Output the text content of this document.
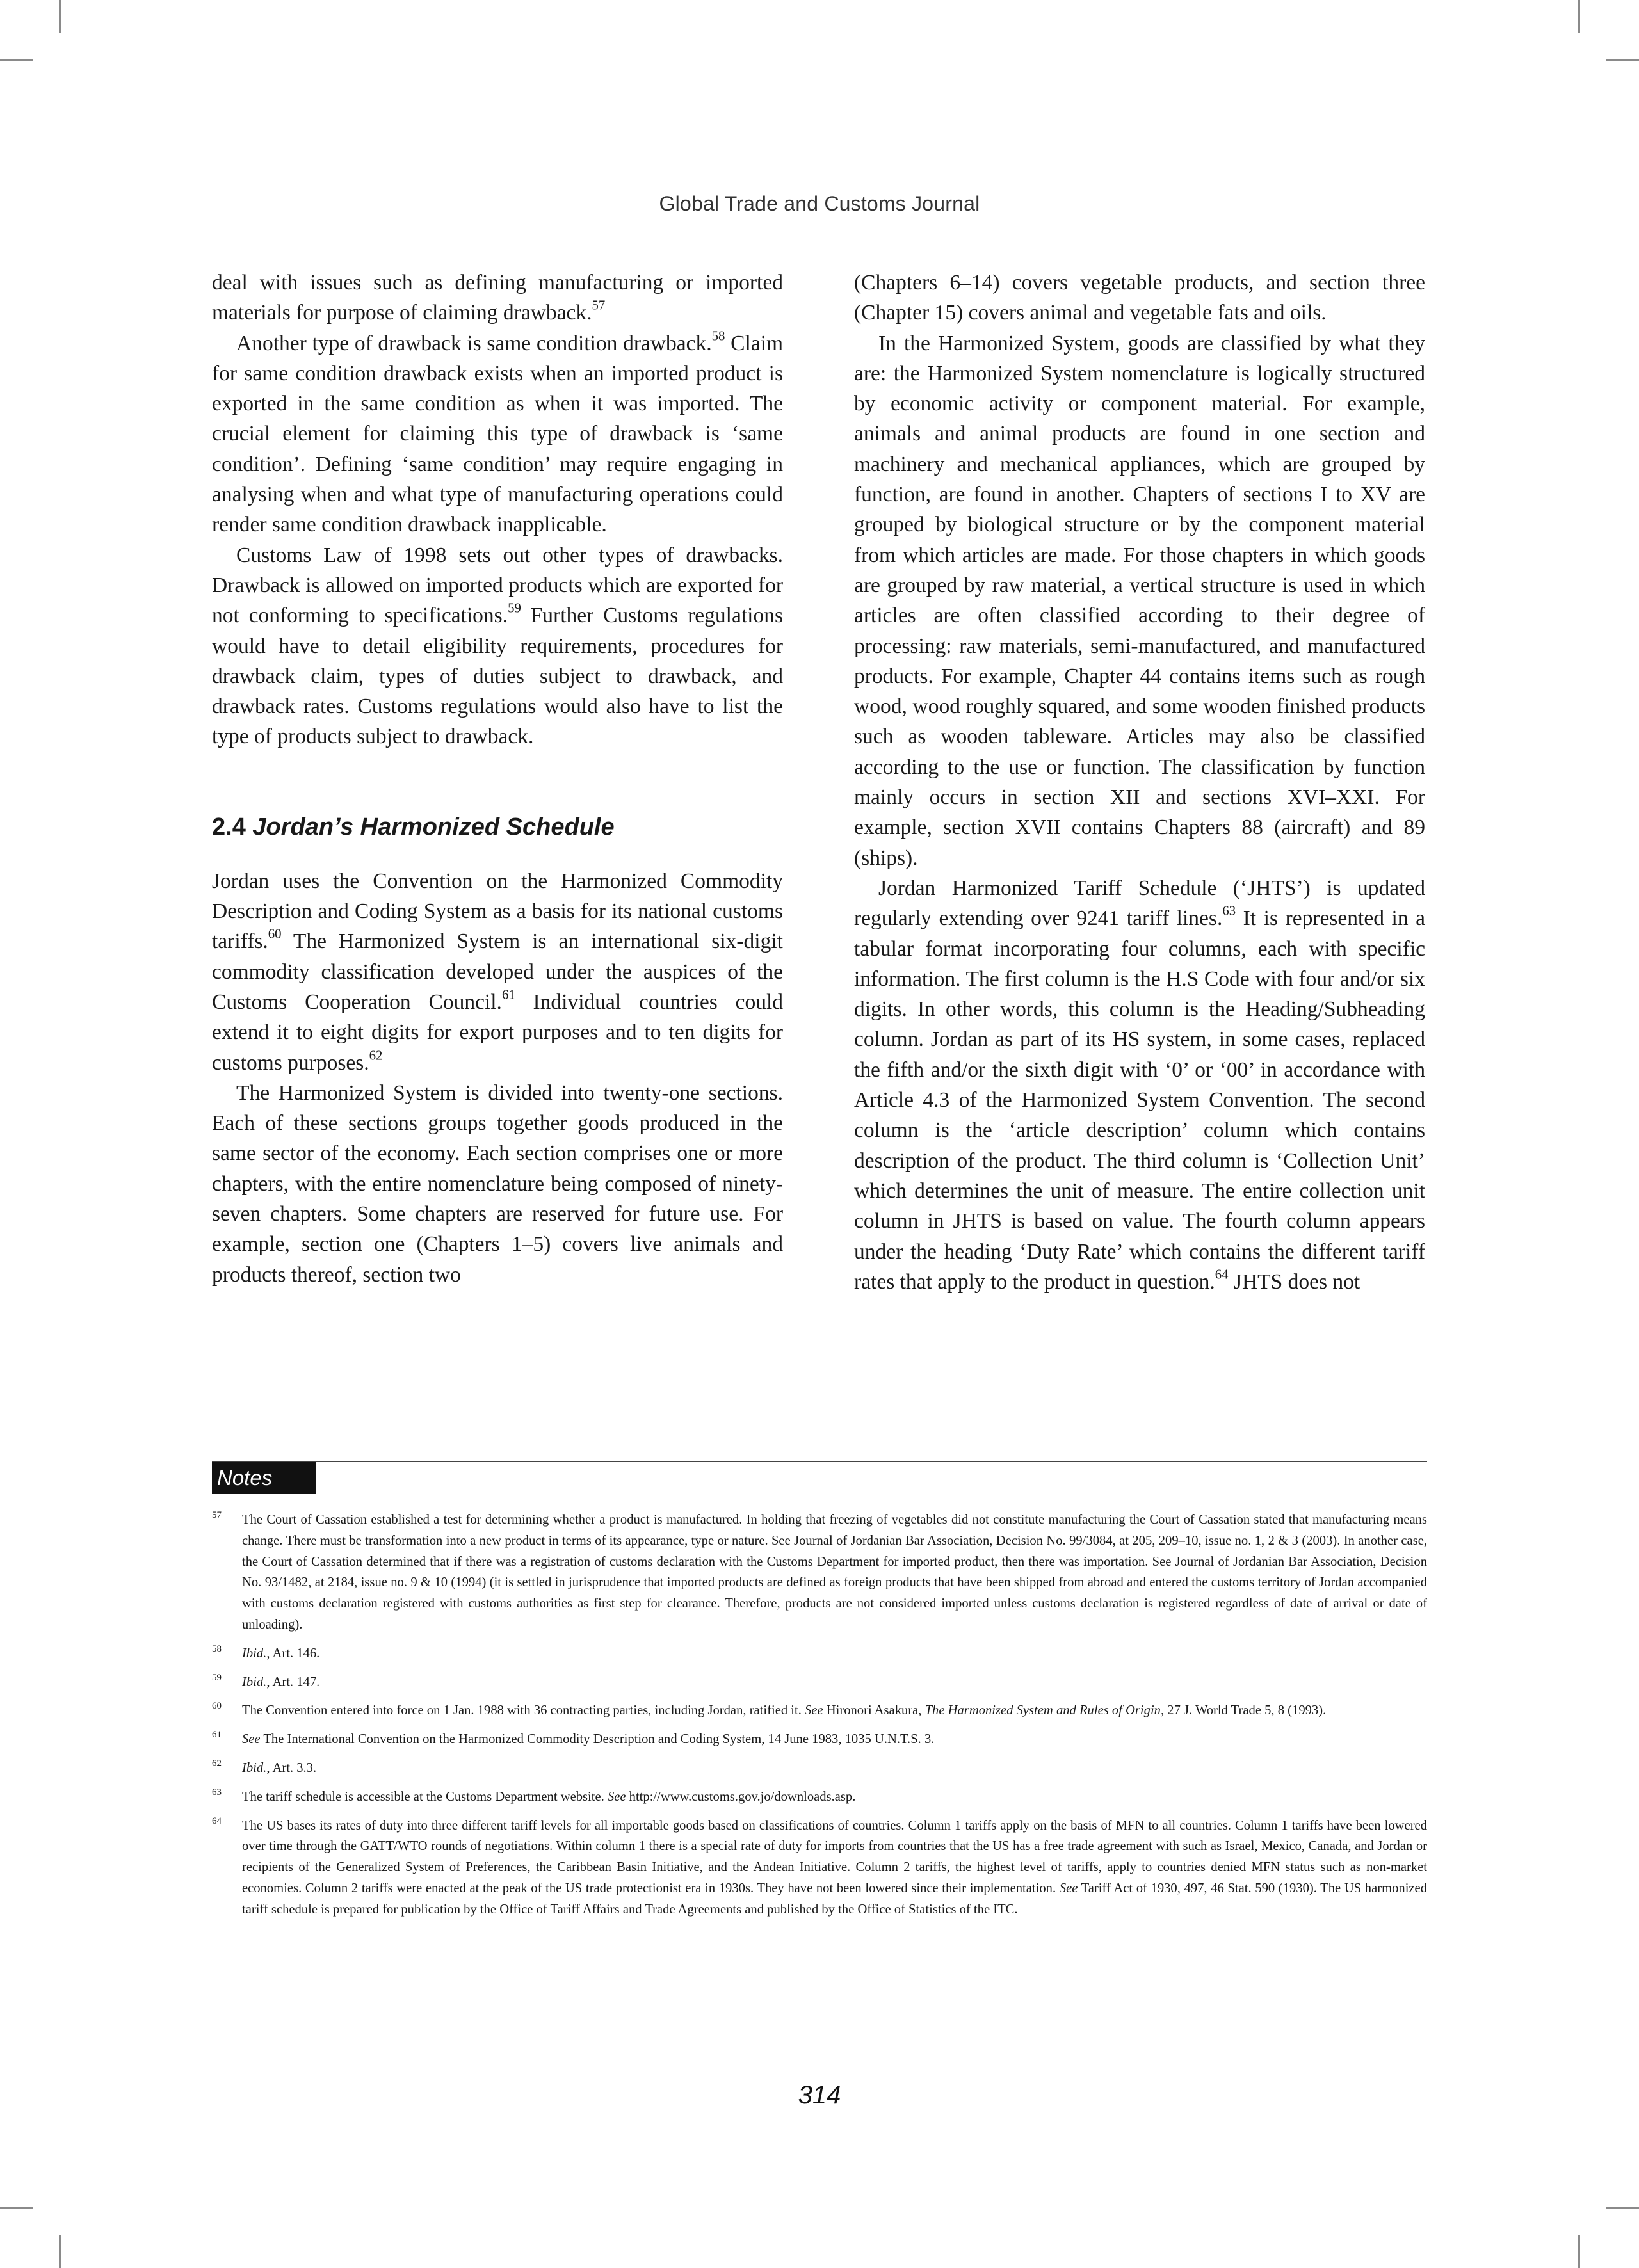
Global Trade and Customs Journal

deal with issues such as defining manufacturing or imported materials for purpose of claiming drawback.$^{57}$

Another type of drawback is same condition drawback.$^{58}$ Claim for same condition drawback exists when an imported product is exported in the same condition as when it was imported. The crucial element for claiming this type of drawback is ‘same condition’. Defining ‘same condition’ may require engaging in analysing when and what type of manufacturing operations could render same condition drawback inapplicable.

Customs Law of 1998 sets out other types of drawbacks. Drawback is allowed on imported products which are exported for not conforming to specifications.$^{59}$ Further Customs regulations would have to detail eligibility requirements, procedures for drawback claim, types of duties subject to drawback, and drawback rates. Customs regulations would also have to list the type of products subject to drawback.

2.4 Jordan’s Harmonized Schedule

Jordan uses the Convention on the Harmonized Commodity Description and Coding System as a basis for its national customs tariffs.$^{60}$ The Harmonized System is an international six-digit commodity classification developed under the auspices of the Customs Cooperation Council.$^{61}$ Individual countries could extend it to eight digits for export purposes and to ten digits for customs purposes.$^{62}$

The Harmonized System is divided into twenty-one sections. Each of these sections groups together goods produced in the same sector of the economy. Each section comprises one or more chapters, with the entire nomenclature being composed of ninety-seven chapters. Some chapters are reserved for future use. For example, section one (Chapters 1–5) covers live animals and products thereof, section two

(Chapters 6–14) covers vegetable products, and section three (Chapter 15) covers animal and vegetable fats and oils.

In the Harmonized System, goods are classified by what they are: the Harmonized System nomenclature is logically structured by economic activity or component material. For example, animals and animal products are found in one section and machinery and mechanical appliances, which are grouped by function, are found in another. Chapters of sections I to XV are grouped by biological structure or by the component material from which articles are made. For those chapters in which goods are grouped by raw material, a vertical structure is used in which articles are often classified according to their degree of processing: raw materials, semi-manufactured, and manufactured products. For example, Chapter 44 contains items such as rough wood, wood roughly squared, and some wooden finished products such as wooden tableware. Articles may also be classified according to the use or function. The classification by function mainly occurs in section XII and sections XVI–XXI. For example, section XVII contains Chapters 88 (aircraft) and 89 (ships).

Jordan Harmonized Tariff Schedule (‘JHTS’) is updated regularly extending over 9241 tariff lines.$^{63}$ It is represented in a tabular format incorporating four columns, each with specific information. The first column is the H.S Code with four and/or six digits. In other words, this column is the Heading/Subheading column. Jordan as part of its HS system, in some cases, replaced the fifth and/or the sixth digit with ‘0’ or ‘00’ in accordance with Article 4.3 of the Harmonized System Convention. The second column is the ‘article description’ column which contains description of the product. The third column is ‘Collection Unit’ which determines the unit of measure. The entire collection unit column in JHTS is based on value. The fourth column appears under the heading ‘Duty Rate’ which contains the different tariff rates that apply to the product in question.$^{64}$ JHTS does not

Notes
57 The Court of Cassation established a test for determining whether a product is manufactured. In holding that freezing of vegetables did not constitute manufacturing the Court of Cassation stated that manufacturing means change. There must be transformation into a new product in terms of its appearance, type or nature. See Journal of Jordanian Bar Association, Decision No. 99/3084, at 205, 209–10, issue no. 1, 2 & 3 (2003). In another case, the Court of Cassation determined that if there was a registration of customs declaration with the Customs Department for imported product, then there was importation. See Journal of Jordanian Bar Association, Decision No. 93/1482, at 2184, issue no. 9 & 10 (1994) (it is settled in jurisprudence that imported products are defined as foreign products that have been shipped from abroad and entered the customs territory of Jordan accompanied with customs declaration registered with customs authorities as first step for clearance. Therefore, products are not considered imported unless customs declaration is registered regardless of date of arrival or date of unloading).
58 Ibid., Art. 146.
59 Ibid., Art. 147.
60 The Convention entered into force on 1 Jan. 1988 with 36 contracting parties, including Jordan, ratified it. See Hironori Asakura, The Harmonized System and Rules of Origin, 27 J. World Trade 5, 8 (1993).
61 See The International Convention on the Harmonized Commodity Description and Coding System, 14 June 1983, 1035 U.N.T.S. 3.
62 Ibid., Art. 3.3.
63 The tariff schedule is accessible at the Customs Department website. See http://www.customs.gov.jo/downloads.asp.
64 The US bases its rates of duty into three different tariff levels for all importable goods based on classifications of countries. Column 1 tariffs apply on the basis of MFN to all countries. Column 1 tariffs have been lowered over time through the GATT/WTO rounds of negotiations. Within column 1 there is a special rate of duty for imports from countries that the US has a free trade agreement with such as Israel, Mexico, Canada, and Jordan or recipients of the Generalized System of Preferences, the Caribbean Basin Initiative, and the Andean Initiative. Column 2 tariffs, the highest level of tariffs, apply to countries denied MFN status such as non-market economies. Column 2 tariffs were enacted at the peak of the US trade protectionist era in 1930s. They have not been lowered since their implementation. See Tariff Act of 1930, 497, 46 Stat. 590 (1930). The US harmonized tariff schedule is prepared for publication by the Office of Tariff Affairs and Trade Agreements and published by the Office of Statistics of the ITC.
314
